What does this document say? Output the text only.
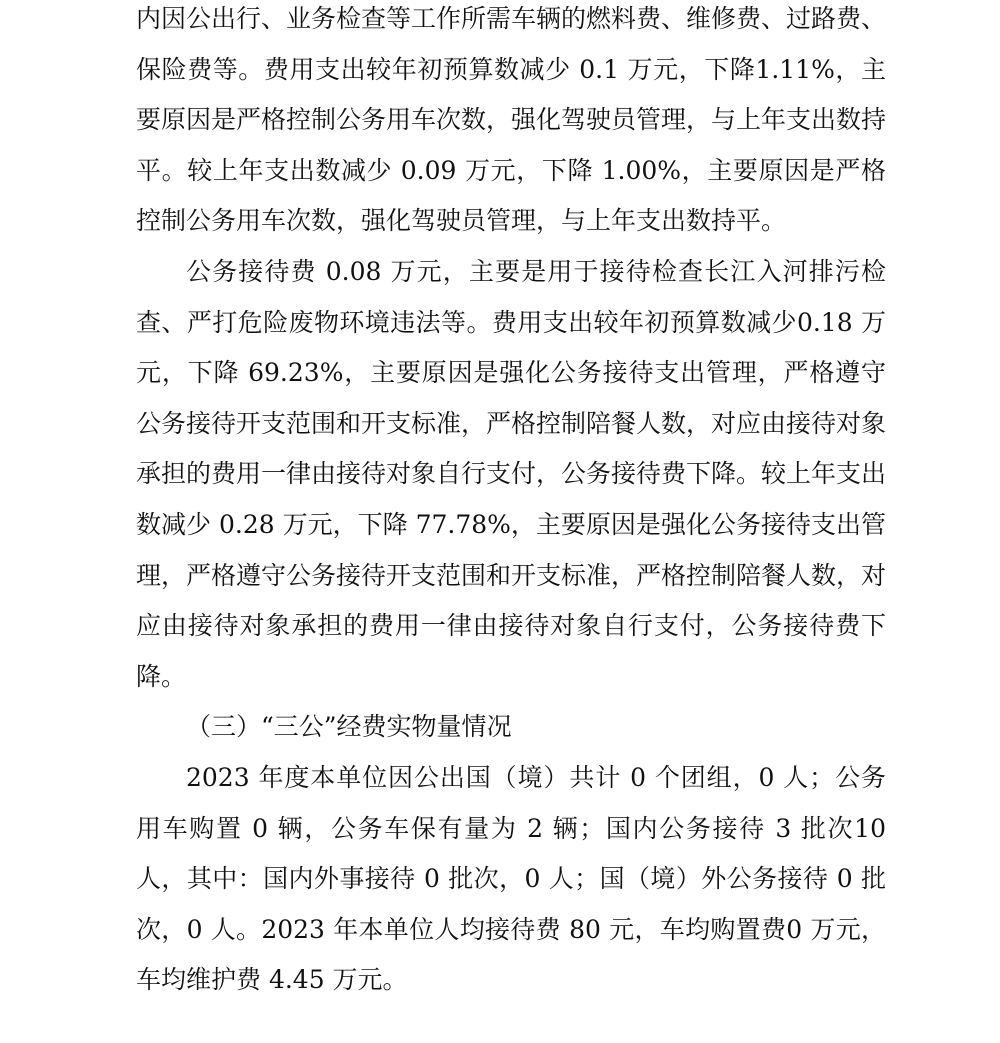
内因公出行、业务检查等工作所需车辆的燃料费、维修费、过路费、保险费等。费用支出较年初预算数减少 0.1 万元，下降1.11%，主要原因是严格控制公务用车次数，强化驾驶员管理，与上年支出数持平。较上年支出数减少 0.09 万元，下降 1.00%，主要原因是严格控制公务用车次数，强化驾驶员管理，与上年支出数持平。

公务接待费 0.08 万元，主要是用于接待检查长江入河排污检查、严打危险废物环境违法等。费用支出较年初预算数减少0.18 万元，下降 69.23%，主要原因是强化公务接待支出管理，严格遵守公务接待开支范围和开支标准，严格控制陪餐人数，对应由接待对象承担的费用一律由接待对象自行支付，公务接待费下降。较上年支出数减少 0.28 万元，下降 77.78%，主要原因是强化公务接待支出管理，严格遵守公务接待开支范围和开支标准，严格控制陪餐人数，对应由接待对象承担的费用一律由接待对象自行支付，公务接待费下降。

（三）“三公”经费实物量情况

2023 年度本单位因公出国（境）共计 0 个团组，0 人；公务用车购置 0 辆，公务车保有量为 2 辆；国内公务接待 3 批次10 人，其中：国内外事接待 0 批次，0 人；国（境）外公务接待 0 批次，0 人。2023 年本单位人均接待费 80 元，车均购置费0 万元，车均维护费 4.45 万元。
